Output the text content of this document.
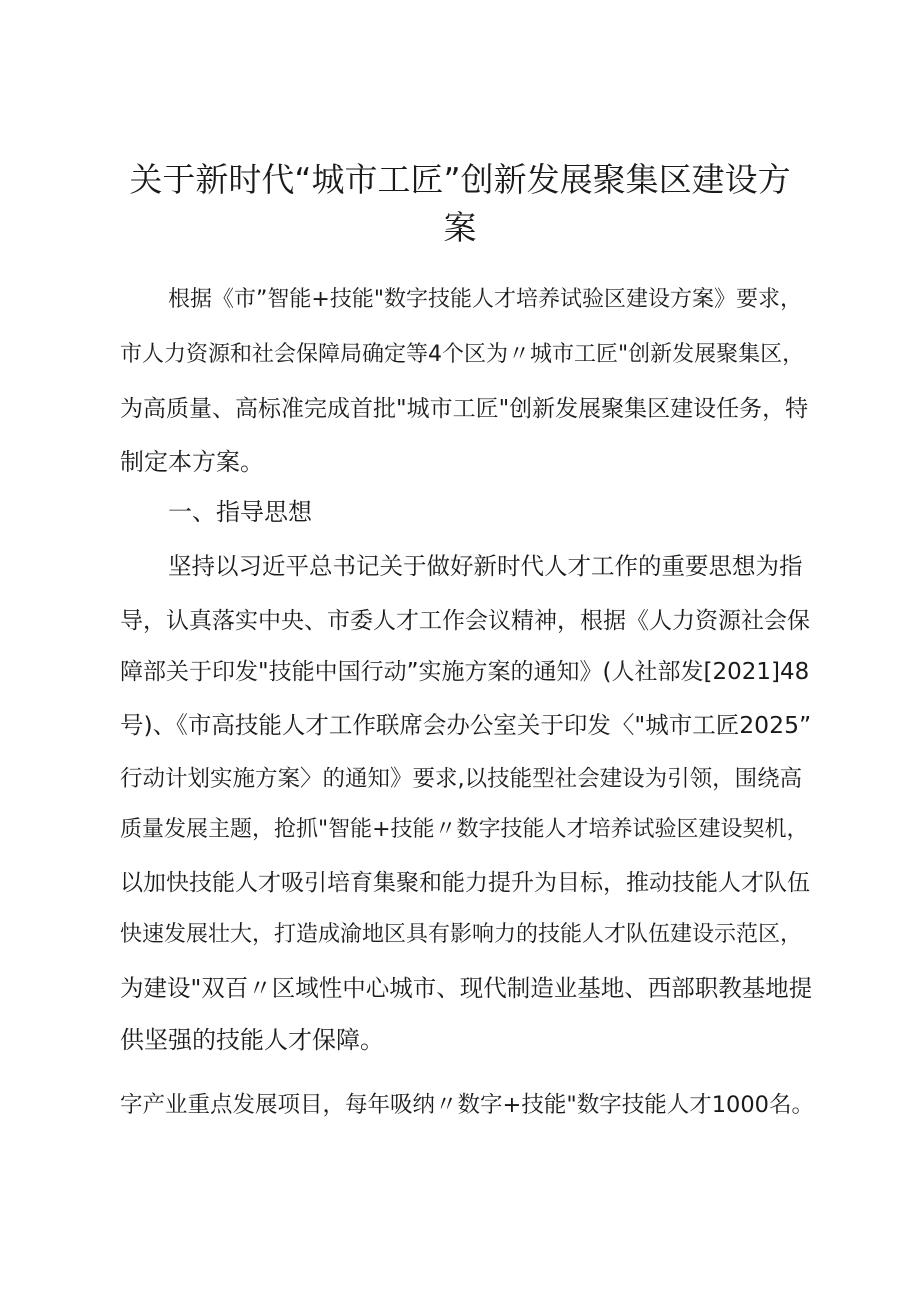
关于新时代“城市工匠”创新发展聚集区建设方
案

根据《市”智能+技能"数字技能人才培养试验区建设方案》要求，

市人力资源和社会保障局确定等4个区为〃城市工匠"创新发展聚集区，

为高质量、高标准完成首批"城市工匠"创新发展聚集区建设任务，特

制定本方案。

一、指导思想

坚持以习近平总书记关于做好新时代人才工作的重要思想为指

导，认真落实中央、市委人才工作会议精神，根据《人力资源社会保

障部关于印发"技能中国行动”实施方案的通知》(人社部发[2021]48

号)、《市高技能人才工作联席会办公室关于印发〈"城市工匠2025”

行动计划实施方案〉的通知》要求,以技能型社会建设为引领，围绕高

质量发展主题，抢抓"智能+技能〃数字技能人才培养试验区建设契机，

以加快技能人才吸引培育集聚和能力提升为目标，推动技能人才队伍

快速发展壮大，打造成渝地区具有影响力的技能人才队伍建设示范区，

为建设"双百〃区域性中心城市、现代制造业基地、西部职教基地提

供坚强的技能人才保障。

字产业重点发展项目，每年吸纳〃数字+技能"数字技能人才1000名。
